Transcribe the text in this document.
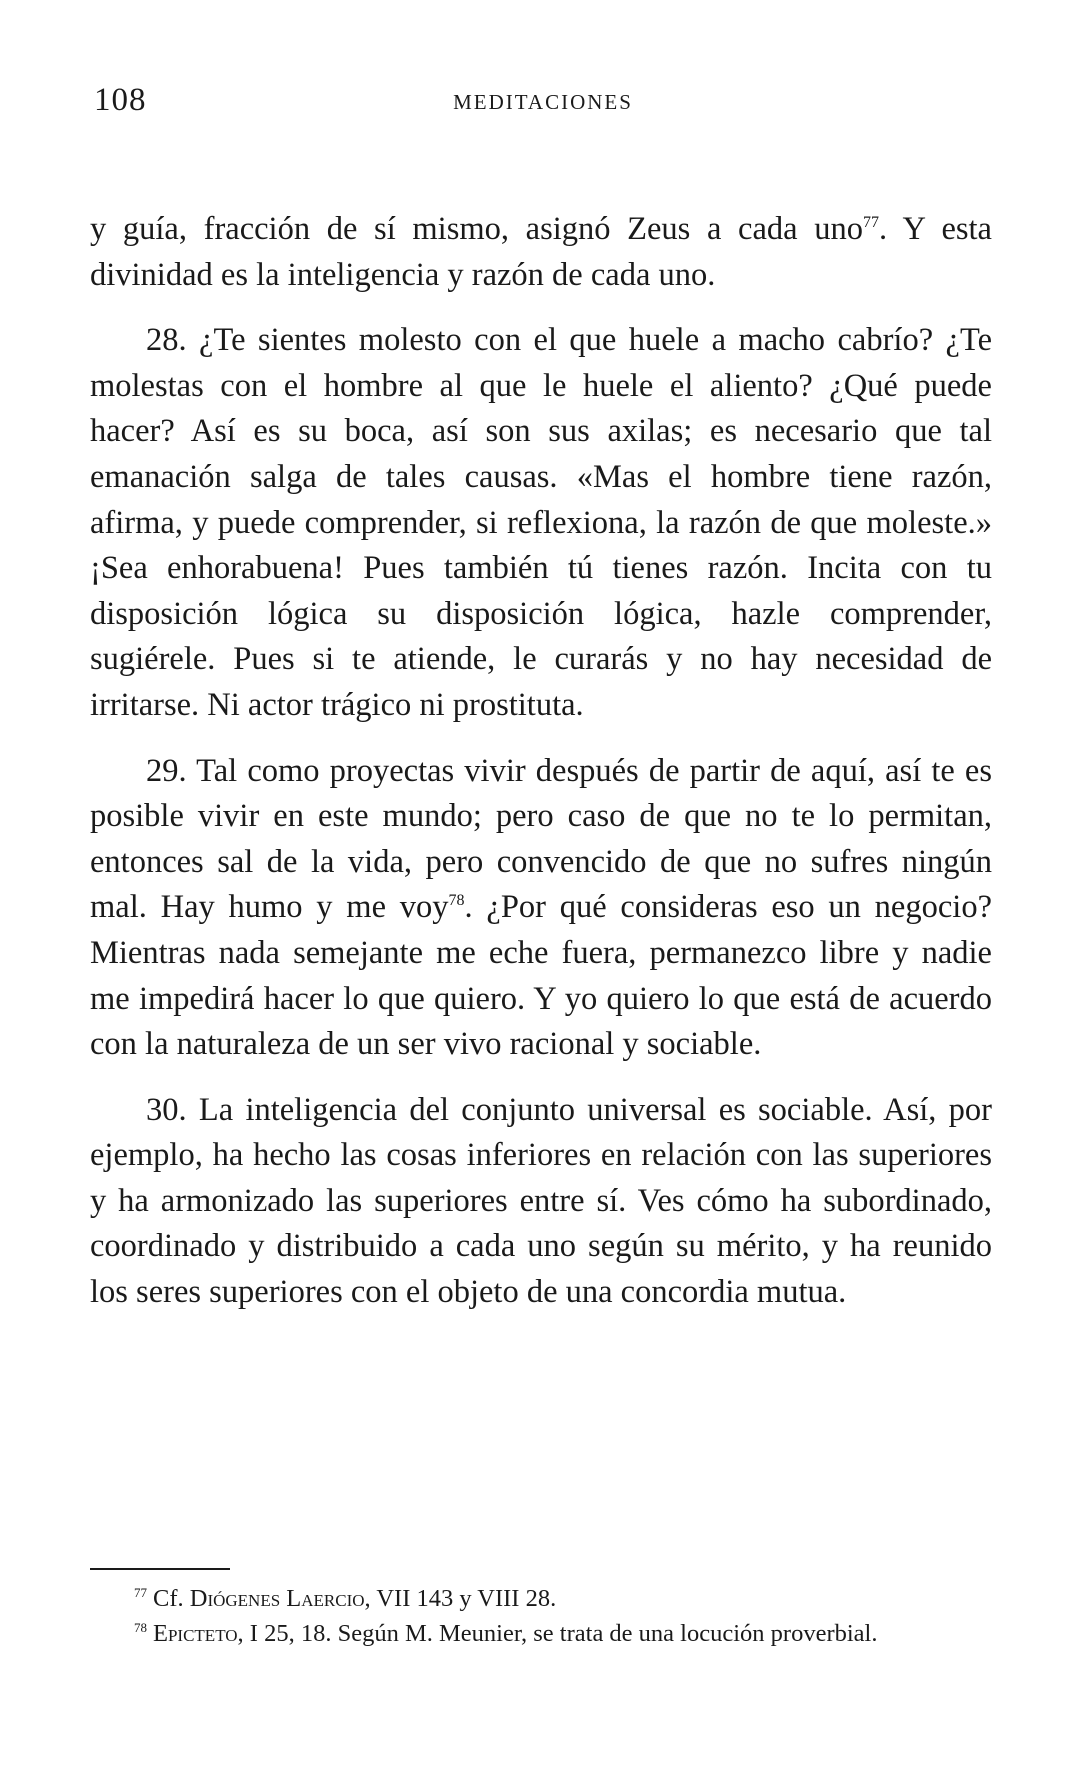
108	MEDITACIONES

y guía, fracción de sí mismo, asignó Zeus a cada uno$^{77}$. Y esta divinidad es la inteligencia y razón de cada uno.

28. ¿Te sientes molesto con el que huele a macho cabrío? ¿Te molestas con el hombre al que le huele el aliento? ¿Qué puede hacer? Así es su boca, así son sus axilas; es necesario que tal emanación salga de tales causas. «Mas el hombre tiene razón, afirma, y puede comprender, si reflexiona, la razón de que moleste.» ¡Sea enhorabuena! Pues también tú tienes razón. Incita con tu disposición lógica su disposición lógica, hazle comprender, sugiérele. Pues si te atiende, le curarás y no hay necesidad de irritarse. Ni actor trágico ni prostituta.

29. Tal como proyectas vivir después de partir de aquí, así te es posible vivir en este mundo; pero caso de que no te lo permitan, entonces sal de la vida, pero convencido de que no sufres ningún mal. Hay humo y me voy$^{78}$. ¿Por qué consideras eso un negocio? Mientras nada semejante me eche fuera, permanezco libre y nadie me impedirá hacer lo que quiero. Y yo quiero lo que está de acuerdo con la naturaleza de un ser vivo racional y sociable.

30. La inteligencia del conjunto universal es sociable. Así, por ejemplo, ha hecho las cosas inferiores en relación con las superiores y ha armonizado las superiores entre sí. Ves cómo ha subordinado, coordinado y distribuido a cada uno según su mérito, y ha reunido los seres superiores con el objeto de una concordia mutua.

$^{77}$ Cf. Diógenes Laercio, VII 143 y VIII 28.

$^{78}$ Epicteto, I 25, 18. Según M. Meunier, se trata de una locución proverbial.
